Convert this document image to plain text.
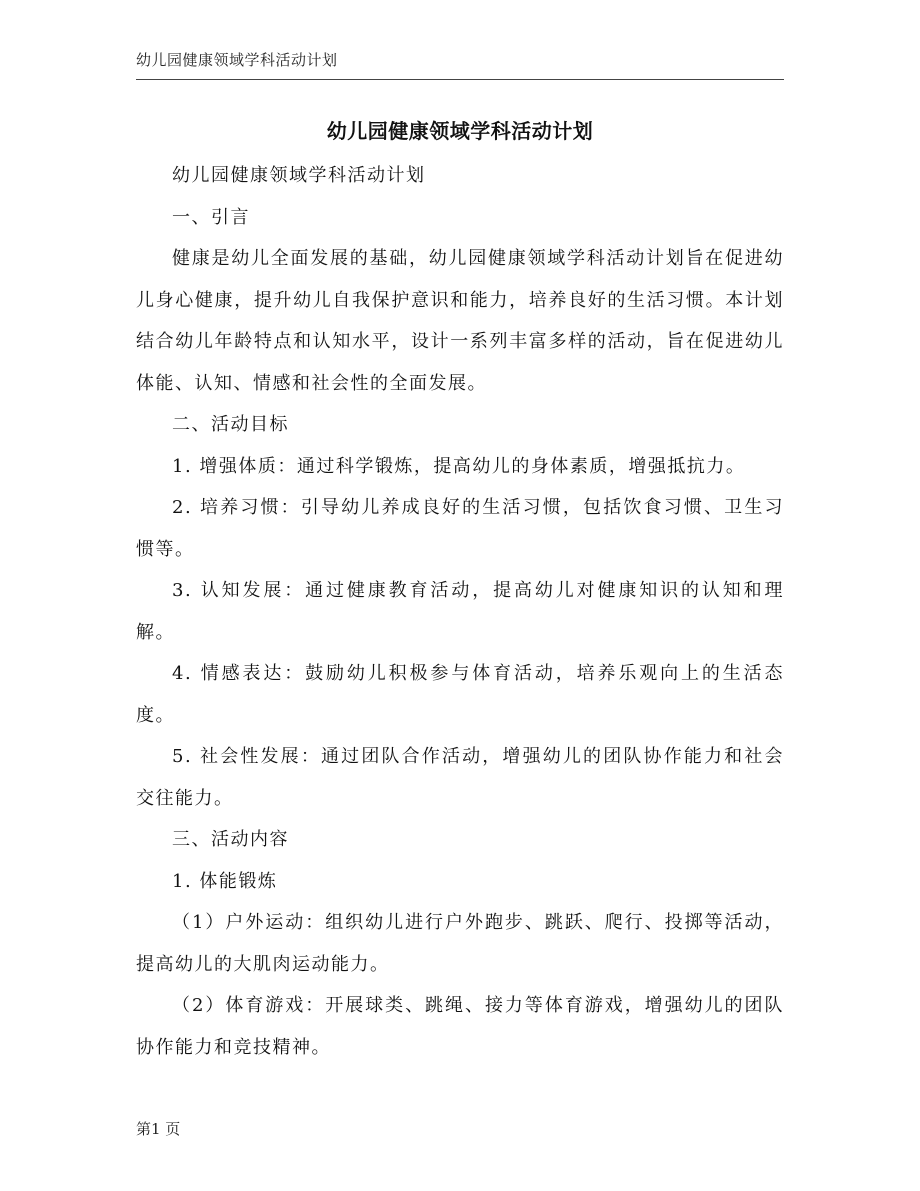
幼儿园健康领域学科活动计划
幼儿园健康领域学科活动计划

幼儿园健康领域学科活动计划

一、引言

健康是幼儿全面发展的基础，幼儿园健康领域学科活动计划旨在促进幼儿身心健康，提升幼儿自我保护意识和能力，培养良好的生活习惯。本计划结合幼儿年龄特点和认知水平，设计一系列丰富多样的活动，旨在促进幼儿体能、认知、情感和社会性的全面发展。

二、活动目标

1. 增强体质：通过科学锻炼，提高幼儿的身体素质，增强抵抗力。

2. 培养习惯：引导幼儿养成良好的生活习惯，包括饮食习惯、卫生习惯等。

3. 认知发展：通过健康教育活动，提高幼儿对健康知识的认知和理解。

4. 情感表达：鼓励幼儿积极参与体育活动，培养乐观向上的生活态度。

5. 社会性发展：通过团队合作活动，增强幼儿的团队协作能力和社会交往能力。

三、活动内容

1. 体能锻炼

（1）户外运动：组织幼儿进行户外跑步、跳跃、爬行、投掷等活动，提高幼儿的大肌肉运动能力。

（2）体育游戏：开展球类、跳绳、接力等体育游戏，增强幼儿的团队协作能力和竞技精神。

第1 页
